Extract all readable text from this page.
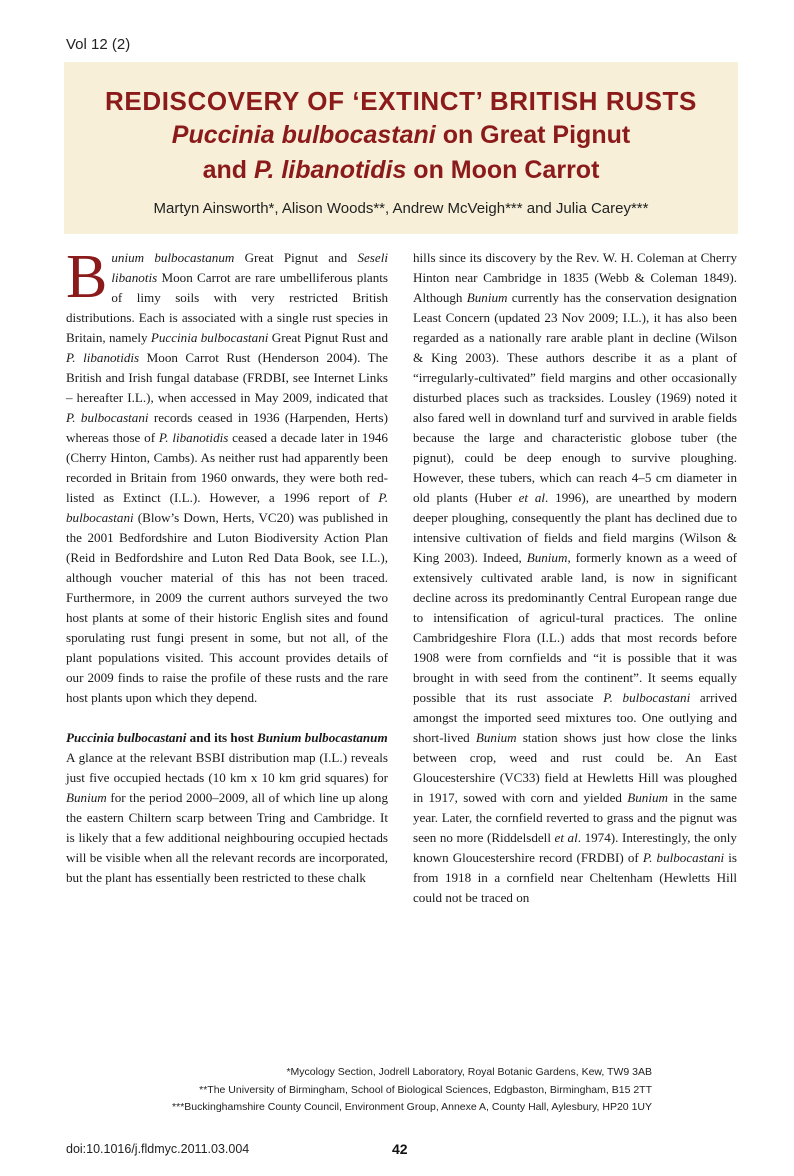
Vol 12 (2)
REDISCOVERY OF ‘EXTINCT’ BRITISH RUSTS
Puccinia bulbocastani on Great Pignut
and P. libanotidis on Moon Carrot
Martyn Ainsworth*, Alison Woods**, Andrew McVeigh*** and Julia Carey***

Bunium bulbocastanum Great Pignut and Seseli libanotis Moon Carrot are rare umbelliferous plants of limy soils with very restricted British distributions. Each is associated with a single rust species in Britain, namely Puccinia bulbocastani Great Pignut Rust and P. libanotidis Moon Carrot Rust (Henderson 2004). The British and Irish fungal database (FRDBI, see Internet Links – hereafter I.L.), when accessed in May 2009, indicated that P. bulbocastani records ceased in 1936 (Harpenden, Herts) whereas those of P. libanotidis ceased a decade later in 1946 (Cherry Hinton, Cambs). As neither rust had apparently been recorded in Britain from 1960 onwards, they were both red-listed as Extinct (I.L.). However, a 1996 report of P. bulbocastani (Blow’s Down, Herts, VC20) was published in the 2001 Bedfordshire and Luton Biodiversity Action Plan (Reid in Bedfordshire and Luton Red Data Book, see I.L.), although voucher material of this has not been traced. Furthermore, in 2009 the current authors surveyed the two host plants at some of their historic English sites and found sporulating rust fungi present in some, but not all, of the plant populations visited. This account provides details of our 2009 finds to raise the profile of these rusts and the rare host plants upon which they depend.

Puccinia bulbocastani and its host Bunium bulbocastanum

A glance at the relevant BSBI distribution map (I.L.) reveals just five occupied hectads (10 km x 10 km grid squares) for Bunium for the period 2000–2009, all of which line up along the eastern Chiltern scarp between Tring and Cambridge. It is likely that a few additional neighbouring occupied hectads will be visible when all the relevant records are incorporated, but the plant has essentially been restricted to these chalk

hills since its discovery by the Rev. W. H. Coleman at Cherry Hinton near Cambridge in 1835 (Webb & Coleman 1849). Although Bunium currently has the conservation designation Least Concern (updated 23 Nov 2009; I.L.), it has also been regarded as a nationally rare arable plant in decline (Wilson & King 2003). These authors describe it as a plant of “irregularly-cultivated” field margins and other occasionally disturbed places such as tracksides. Lousley (1969) noted it also fared well in downland turf and survived in arable fields because the large and characteristic globose tuber (the pignut), could be deep enough to survive ploughing. However, these tubers, which can reach 4–5 cm diameter in old plants (Huber et al. 1996), are unearthed by modern deeper ploughing, consequently the plant has declined due to intensive cultivation of fields and field margins (Wilson & King 2003). Indeed, Bunium, formerly known as a weed of extensively cultivated arable land, is now in significant decline across its predominantly Central European range due to intensification of agricul-tural practices. The online Cambridgeshire Flora (I.L.) adds that most records before 1908 were from cornfields and “it is possible that it was brought in with seed from the continent”. It seems equally possible that its rust associate P. bulbocastani arrived amongst the imported seed mixtures too. One outlying and short-lived Bunium station shows just how close the links between crop, weed and rust could be. An East Gloucestershire (VC33) field at Hewletts Hill was ploughed in 1917, sowed with corn and yielded Bunium in the same year. Later, the cornfield reverted to grass and the pignut was seen no more (Riddelsdell et al. 1974). Interestingly, the only known Gloucestershire record (FRDBI) of P. bulbocastani is from 1918 in a cornfield near Cheltenham (Hewletts Hill could not be traced on

*Mycology Section, Jodrell Laboratory, Royal Botanic Gardens, Kew, TW9 3AB
**The University of Birmingham, School of Biological Sciences, Edgbaston, Birmingham, B15 2TT
***Buckinghamshire County Council, Environment Group, Annexe A, County Hall, Aylesbury, HP20 1UY
doi:10.1016/j.fldmyc.2011.03.004	42
